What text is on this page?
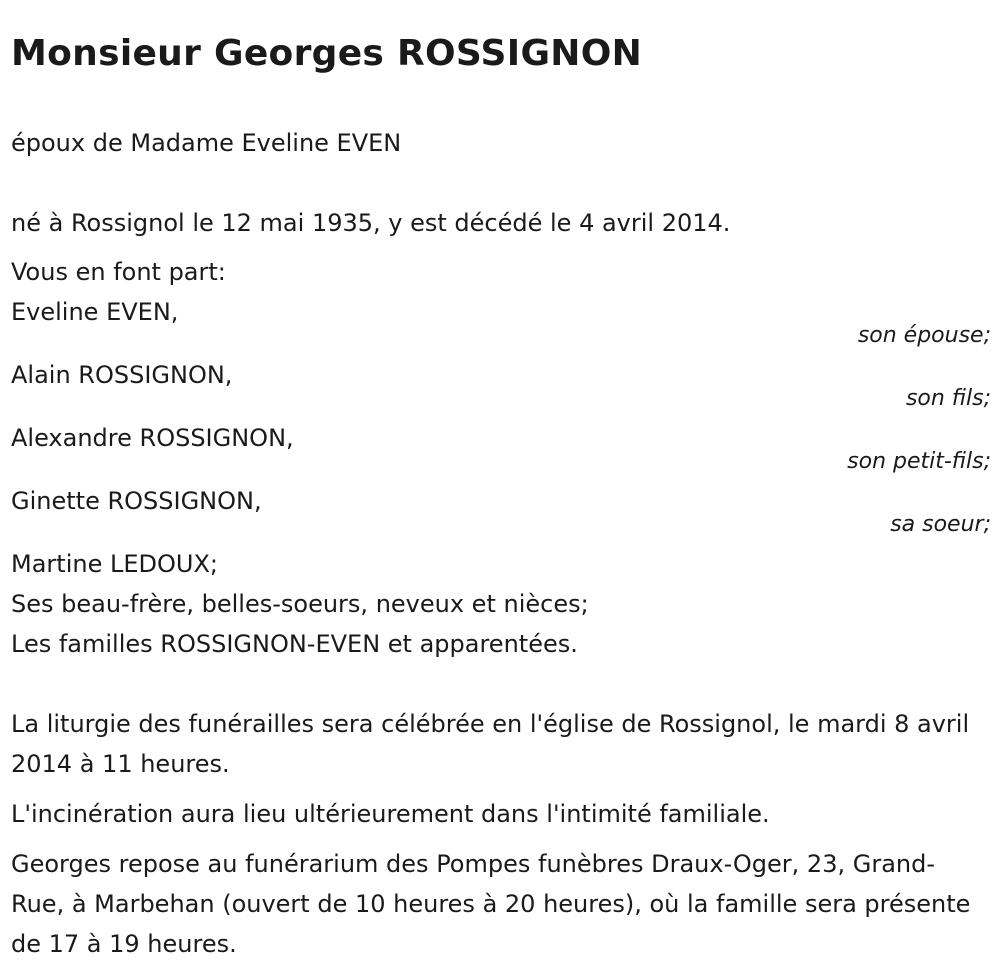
Monsieur Georges ROSSIGNON
époux de Madame Eveline EVEN
né à Rossignol le 12 mai 1935, y est décédé le 4 avril 2014.
Vous en font part:
Eveline EVEN,
son épouse;
Alain ROSSIGNON,
son fils;
Alexandre ROSSIGNON,
son petit-fils;
Ginette ROSSIGNON,
sa soeur;
Martine LEDOUX;
Ses beau-frère, belles-soeurs, neveux et nièces;
Les familles ROSSIGNON-EVEN et apparentées.
La liturgie des funérailles sera célébrée en l'église de Rossignol, le mardi 8 avril 2014 à 11 heures.
L'incinération aura lieu ultérieurement dans l'intimité familiale.
Georges repose au funérarium des Pompes funèbres Draux-Oger, 23, Grand-Rue, à Marbehan (ouvert de 10 heures à 20 heures), où la famille sera présente de 17 à 19 heures.
